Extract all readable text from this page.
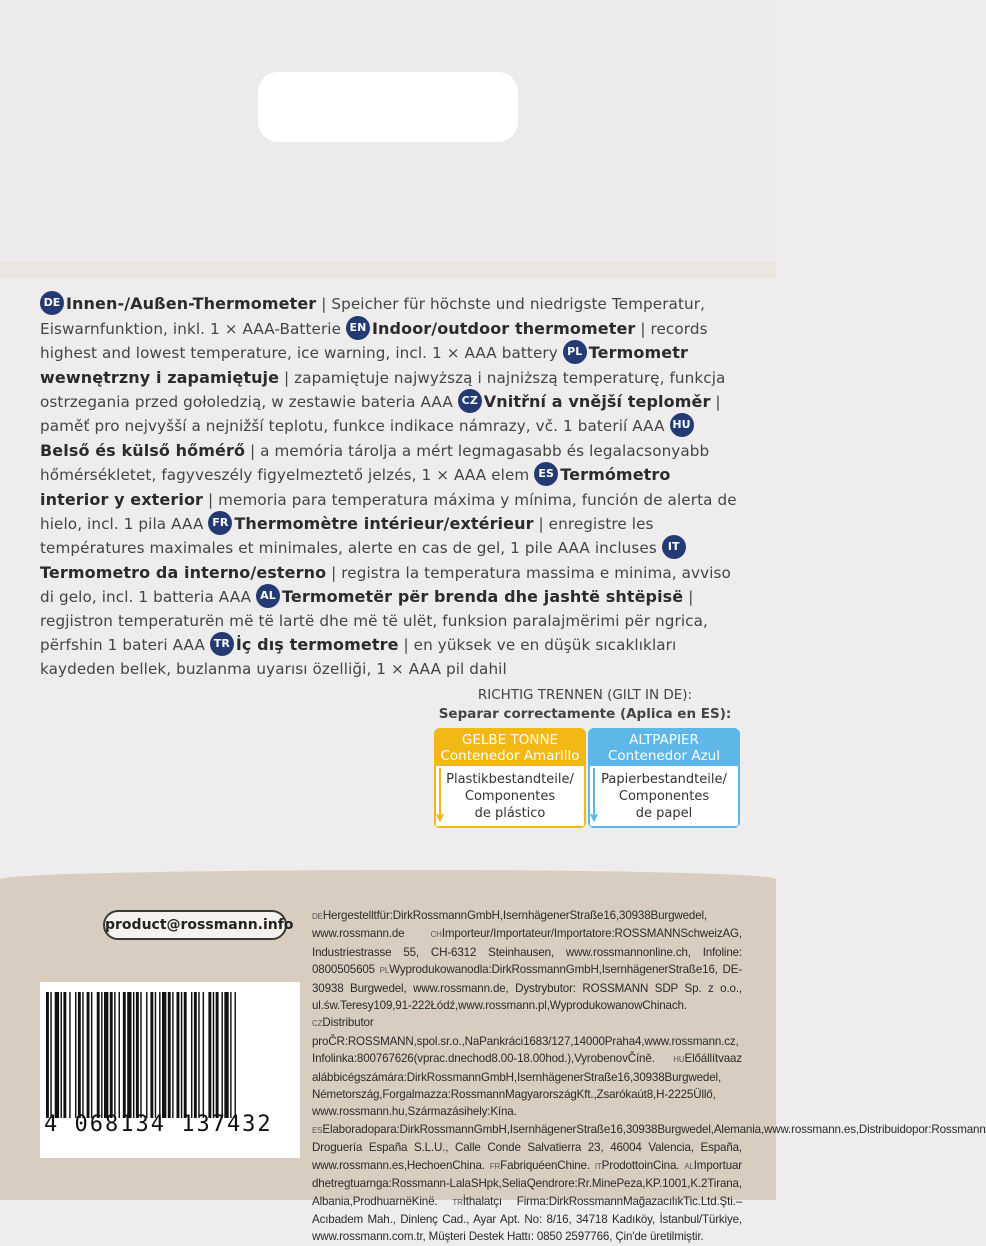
DE Innen-/Außen-Thermometer | Speicher für höchste und niedrigste Temperatur, Eiswarnfunktion, inkl. 1 × AAA-Batterie EN Indoor/outdoor thermometer | records highest and lowest temperature, ice warning, incl. 1 × AAA battery PL Termometr wewnętrzny i zapamiętuje | zapamiętuje najwyższą i najniższą temperaturę, funkcja ostrzegania przed gołoledzią, w zestawie bateria AAA CZ Vnitřní a vnější teploměr | paměť pro nejvyšší a nejnižší teplotu, funkce indikace námrazy, vč. 1 baterií AAA HUBelső és külső hőmérő | a memória tárolja a mért legmagasabb és legalacsonyabb hőmérsékletet, fagyveszély figyelmeztető jelzés, 1 × AAA elem ES Termómetro interior y exterior | memoria para temperatura máxima y mínima, función de alerta de hielo, incl. 1 pila AAA FR Thermomètre intérieur/extérieur | enregistre les températures maximales et minimales, alerte en cas de gel, 1 pile AAA incluses ITTermometro da interno/esterno | registra la temperatura massima e minima, avviso di gelo, incl. 1 batteria AAA AL Termometër për brenda dhe jashtë shtëpisë | regjistron temperaturën më të lartë dhe më të ulët, funksion paralajmërimi për ngrica, përfshin 1 bateri AAA TR İç dış termometre | en yüksek ve en düşük sıcaklıkları kaydeden bellek, buzlanma uyarısı özelliği, 1 × AAA pil dahil
RICHTIG TRENNEN (GILT IN DE):
Separar correctamente (Aplica en ES):
GELBE TONNE
Contenedor Amarillo
Plastikbestandteile/
Componentes
de plástico
ALTPAPIER
Contenedor Azul
Papierbestandteile/
Componentes
de papel
product@rossmann.info
4 068134 137432
DEHergestelltfür:DirkRossmannGmbH,IsernhägenerStraße16,30938Burgwedel, www.rossmann.de	CHImporteur/Importateur/Importatore:ROSSMANNSchweizAG, Industriestrasse 55, CH-6312 Steinhausen, www.rossmannonline.ch, Infoline: 0800505605 PLWyprodukowanodla:DirkRossmannGmbH,IsernhägenerStraße16, DE-30938 Burgwedel, www.rossmann.de, Dystrybutor: ROSSMANN SDP Sp. z o.o., ul.św.Teresy109,91-222Łódź,www.rossmann.pl,WyprodukowanowChinach. CZDistributor proČR:ROSSMANN,spol.sr.o.,NaPankráci1683/127,14000Praha4,www.rossmann.cz, Infolinka:800767626(vprac.dnechod8.00-18.00hod.),VyrobenovČíně. HUElőállítvaaz alábbicégszámára:DirkRossmannGmbH,IsernhägenerStraße16,30938Burgwedel, Németország,Forgalmazza:RossmannMagyarországKft.,Zsarókaút8,H-2225Üllő, www.rossmann.hu,Származásihely:Kína. ESElaboradopara:DirkRossmannGmbH,IsernhägenerStraße16,30938Burgwedel,Alemania,www.rossmann.es,Distribuidopor:Rossmann Droguería España S.L.U., Calle Conde Salvatierra 23, 46004 Valencia, España, www.rossmann.es,HechoenChina. FRFabriquéenChine. ITProdottoinCina. ALImportuar dhetregtuarnga:Rossmann-LalaSHpk,SeliaQendrore:Rr.MinePeza,KP.1001,K.2Tirana, Albania,ProdhuarnëKinë. TRİthalatçı Firma:DirkRossmannMağazacılıkTic.Ltd.Şti.– Acıbadem Mah., Dinlenç Cad., Ayar Apt. No: 8/16, 34718 Kadıköy, İstanbul/Türkiye, www.rossmann.com.tr, Müşteri Destek Hattı: 0850 2597766, Çin'de üretilmiştir.
